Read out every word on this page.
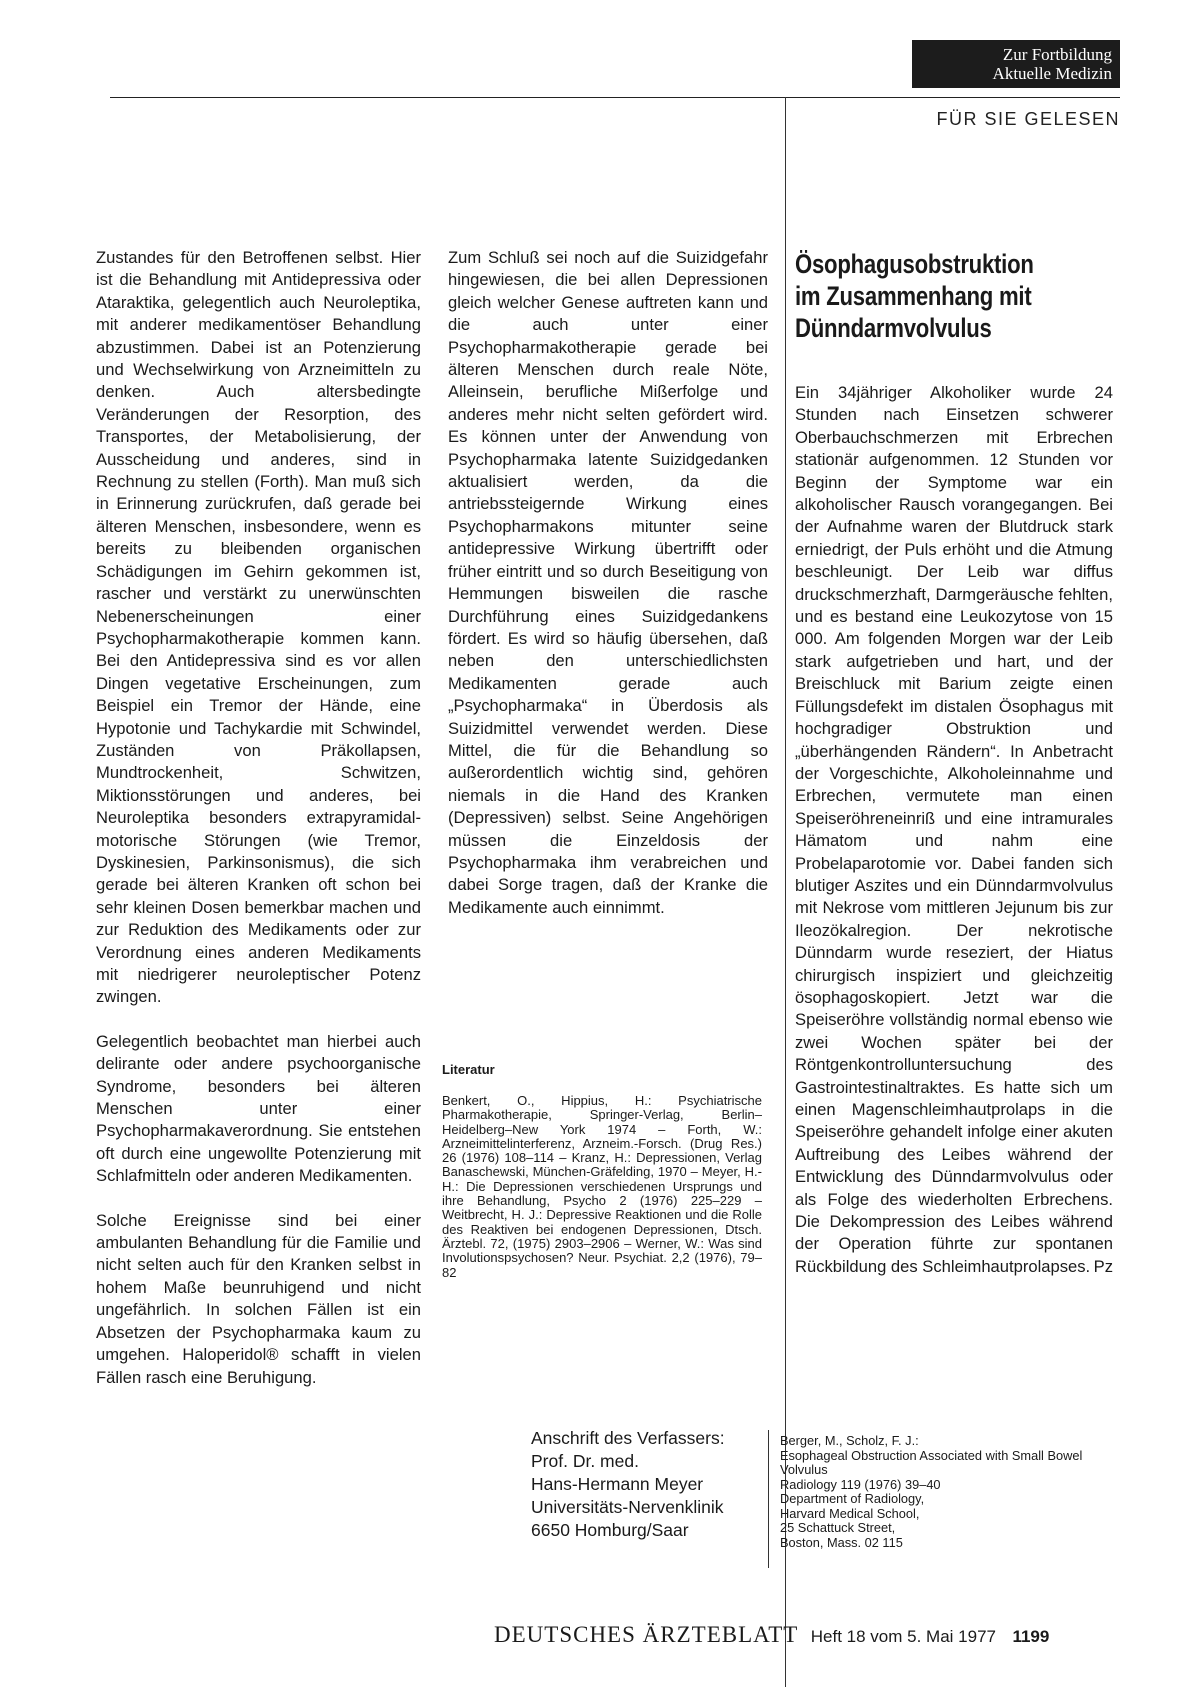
Zur Fortbildung
Aktuelle Medizin
FÜR SIE GELESEN

Zustandes für den Betroffenen selbst. Hier ist die Behandlung mit Antidepressiva oder Ataraktika, gelegentlich auch Neuroleptika, mit anderer medikamentöser Behandlung abzustimmen. Dabei ist an Potenzierung und Wechselwirkung von Arzneimitteln zu denken. Auch altersbedingte Veränderungen der Resorption, des Transportes, der Metabolisierung, der Ausscheidung und anderes, sind in Rechnung zu stellen (Forth). Man muß sich in Erinnerung zurückrufen, daß gerade bei älteren Menschen, insbesondere, wenn es bereits zu bleibenden organischen Schädigungen im Gehirn gekommen ist, rascher und verstärkt zu unerwünschten Nebenerscheinungen einer Psychopharmakotherapie kommen kann. Bei den Antidepressiva sind es vor allen Dingen vegetative Erscheinungen, zum Beispiel ein Tremor der Hände, eine Hypotonie und Tachykardie mit Schwindel, Zuständen von Präkollapsen, Mundtrockenheit, Schwitzen, Miktionsstörungen und anderes, bei Neuroleptika besonders extrapyramidal-motorische Störungen (wie Tremor, Dyskinesien, Parkinsonismus), die sich gerade bei älteren Kranken oft schon bei sehr kleinen Dosen bemerkbar machen und zur Reduktion des Medikaments oder zur Verordnung eines anderen Medikaments mit niedrigerer neuroleptischer Potenz zwingen.

Gelegentlich beobachtet man hierbei auch delirante oder andere psychoorganische Syndrome, besonders bei älteren Menschen unter einer Psychopharmakaverordnung. Sie entstehen oft durch eine ungewollte Potenzierung mit Schlafmitteln oder anderen Medikamenten.

Solche Ereignisse sind bei einer ambulanten Behandlung für die Familie und nicht selten auch für den Kranken selbst in hohem Maße beunruhigend und nicht ungefährlich. In solchen Fällen ist ein Absetzen der Psychopharmaka kaum zu umgehen. Haloperidol® schafft in vielen Fällen rasch eine Beruhigung.

Zum Schluß sei noch auf die Suizidgefahr hingewiesen, die bei allen Depressionen gleich welcher Genese auftreten kann und die auch unter einer Psychopharmakotherapie gerade bei älteren Menschen durch reale Nöte, Alleinsein, berufliche Mißerfolge und anderes mehr nicht selten gefördert wird. Es können unter der Anwendung von Psychopharmaka latente Suizidgedanken aktualisiert werden, da die antriebssteigernde Wirkung eines Psychopharmakons mitunter seine antidepressive Wirkung übertrifft oder früher eintritt und so durch Beseitigung von Hemmungen bisweilen die rasche Durchführung eines Suizidgedankens fördert. Es wird so häufig übersehen, daß neben den unterschiedlichsten Medikamenten gerade auch „Psychopharmaka“ in Überdosis als Suizidmittel verwendet werden. Diese Mittel, die für die Behandlung so außerordentlich wichtig sind, gehören niemals in die Hand des Kranken (Depressiven) selbst. Seine Angehörigen müssen die Einzeldosis der Psychopharmaka ihm verabreichen und dabei Sorge tragen, daß der Kranke die Medikamente auch einnimmt.

Literatur
Benkert, O., Hippius, H.: Psychiatrische Pharmakotherapie, Springer-Verlag, Berlin–Heidelberg–New York 1974 – Forth, W.: Arzneimittelinterferenz, Arzneim.-Forsch. (Drug Res.) 26 (1976) 108–114 – Kranz, H.: Depressionen, Verlag Banaschewski, München-Gräfelding, 1970 – Meyer, H.-H.: Die Depressionen verschiedenen Ursprungs und ihre Behandlung, Psycho 2 (1976) 225–229 – Weitbrecht, H. J.: Depressive Reaktionen und die Rolle des Reaktiven bei endogenen Depressionen, Dtsch. Ärztebl. 72, (1975) 2903–2906 – Werner, W.: Was sind Involutionspsychosen? Neur. Psychiat. 2,2 (1976), 79–82
Anschrift des Verfassers:
Prof. Dr. med.
Hans-Hermann Meyer
Universitäts-Nervenklinik
6650 Homburg/Saar
Ösophagusobstruktion im Zusammenhang mit Dünndarmvolvulus

Ein 34jähriger Alkoholiker wurde 24 Stunden nach Einsetzen schwerer Oberbauchschmerzen mit Erbrechen stationär aufgenommen. 12 Stunden vor Beginn der Symptome war ein alkoholischer Rausch vorangegangen. Bei der Aufnahme waren der Blutdruck stark erniedrigt, der Puls erhöht und die Atmung beschleunigt. Der Leib war diffus druckschmerzhaft, Darmgeräusche fehlten, und es bestand eine Leukozytose von 15 000. Am folgenden Morgen war der Leib stark aufgetrieben und hart, und der Breischluck mit Barium zeigte einen Füllungsdefekt im distalen Ösophagus mit hochgradiger Obstruktion und „überhängenden Rändern“. In Anbetracht der Vorgeschichte, Alkoholeinnahme und Erbrechen, vermutete man einen Speiseröhreneinriß und eine intramurales Hämatom und nahm eine Probelaparotomie vor. Dabei fanden sich blutiger Aszites und ein Dünndarmvolvulus mit Nekrose vom mittleren Jejunum bis zur Ileozökalregion. Der nekrotische Dünndarm wurde reseziert, der Hiatus chirurgisch inspiziert und gleichzeitig ösophagoskopiert. Jetzt war die Speiseröhre vollständig normal ebenso wie zwei Wochen später bei der Röntgenkontrolluntersuchung des Gastrointestinaltraktes. Es hatte sich um einen Magenschleimhautprolaps in die Speiseröhre gehandelt infolge einer akuten Auftreibung des Leibes während der Entwicklung des Dünndarmvolvulus oder als Folge des wiederholten Erbrechens. Die Dekompression des Leibes während der Operation führte zur spontanen Rückbildung des Schleimhautprolapses. Pz

Berger, M., Scholz, F. J.:
Esophageal Obstruction Associated with Small Bowel Volvulus
Radiology 119 (1976) 39–40
Department of Radiology,
Harvard Medical School,
25 Schattuck Street,
Boston, Mass. 02 115
DEUTSCHES ÄRZTEBLATT Heft 18 vom 5. Mai 1977 1199
